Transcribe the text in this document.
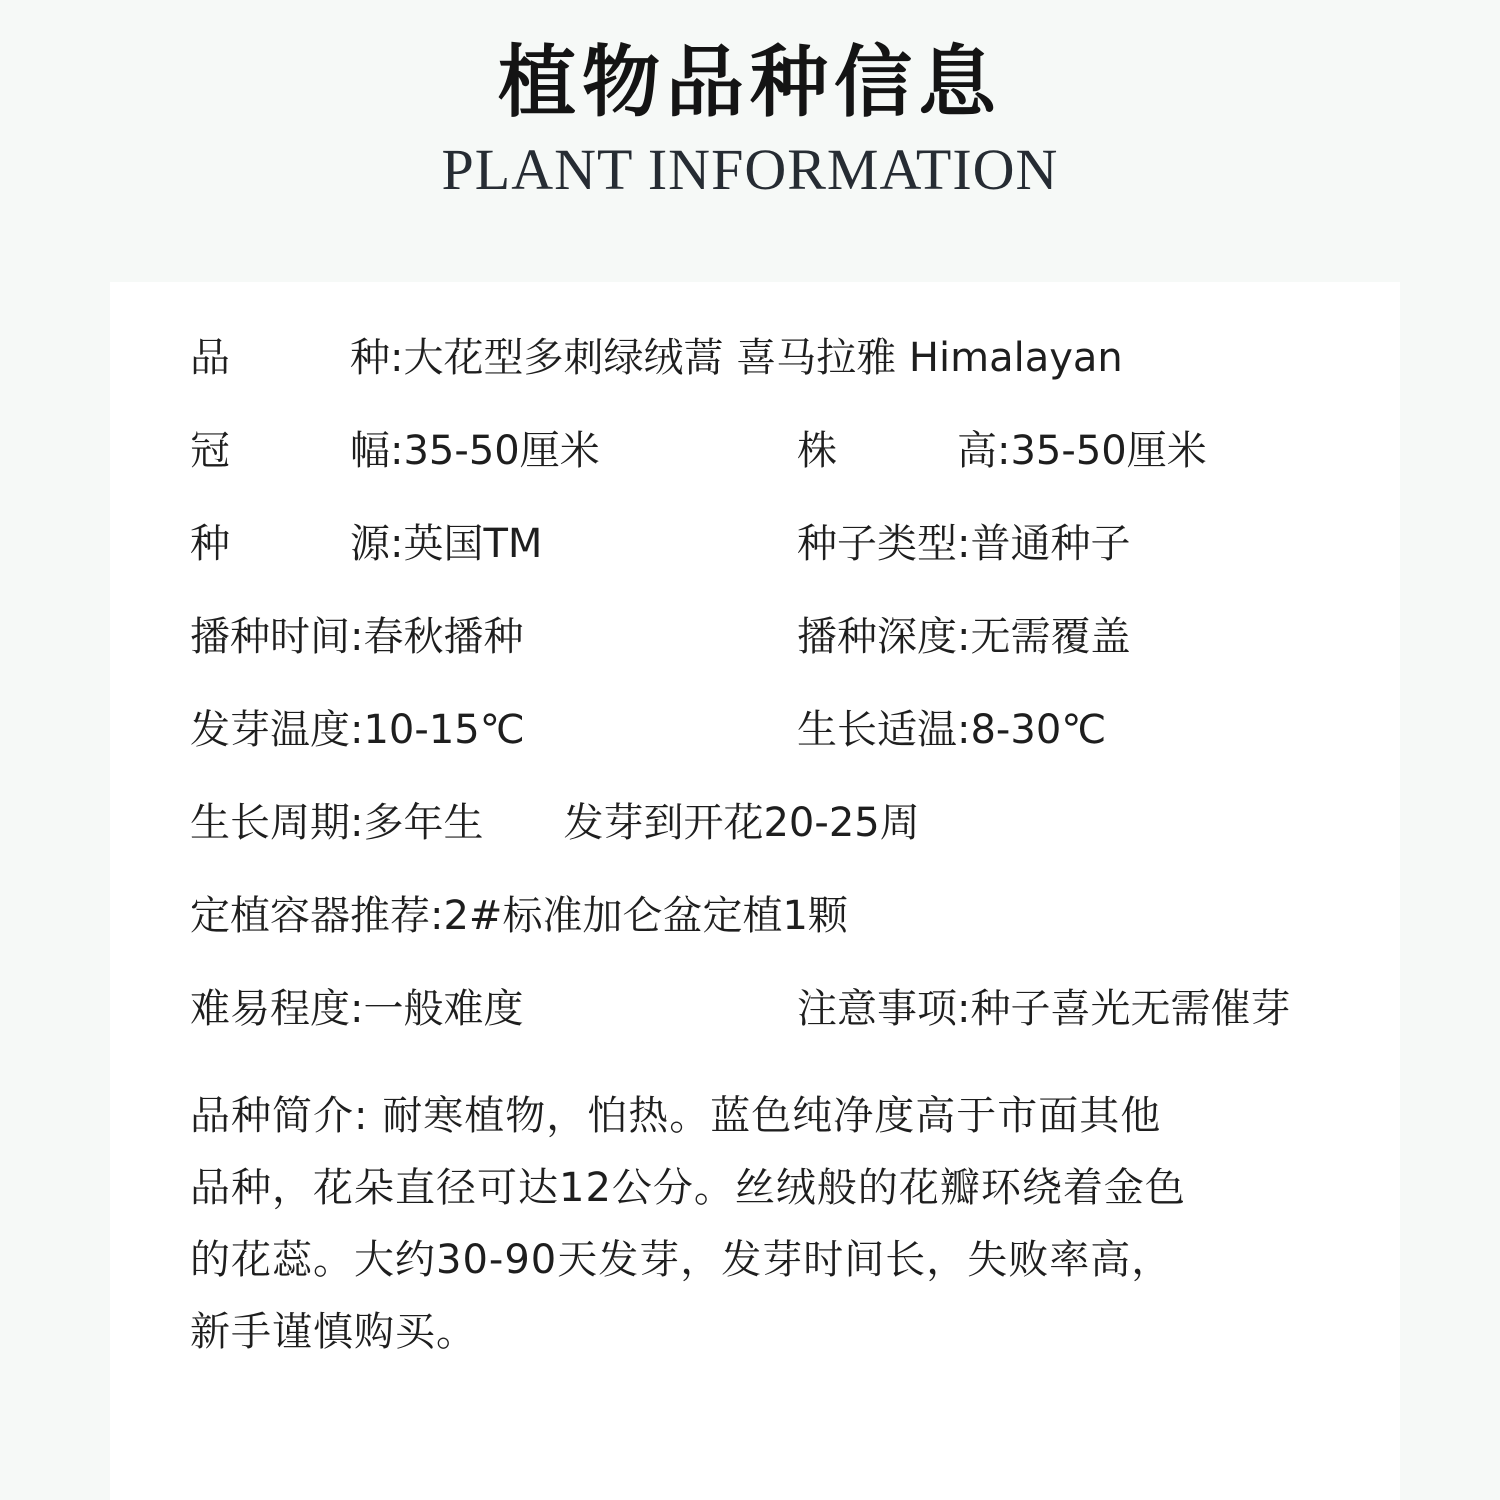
植物品种信息
PLANT INFORMATION
品　　　种:大花型多刺绿绒蒿 喜马拉雅 Himalayan
冠　　　幅:35-50厘米	株　　　高:35-50厘米
种　　　源:英国TM	种子类型:普通种子
播种时间:春秋播种	播种深度:无需覆盖
发芽温度:10-15℃	生长适温:8-30℃
生长周期:多年生　　发芽到开花20-25周
定植容器推荐:2#标准加仑盆定植1颗
难易程度:一般难度	注意事项:种子喜光无需催芽
品种简介: 耐寒植物，怕热。蓝色纯净度高于市面其他
品种，花朵直径可达12公分。丝绒般的花瓣环绕着金色
的花蕊。大约30-90天发芽，发芽时间长，失败率高，
新手谨慎购买。
